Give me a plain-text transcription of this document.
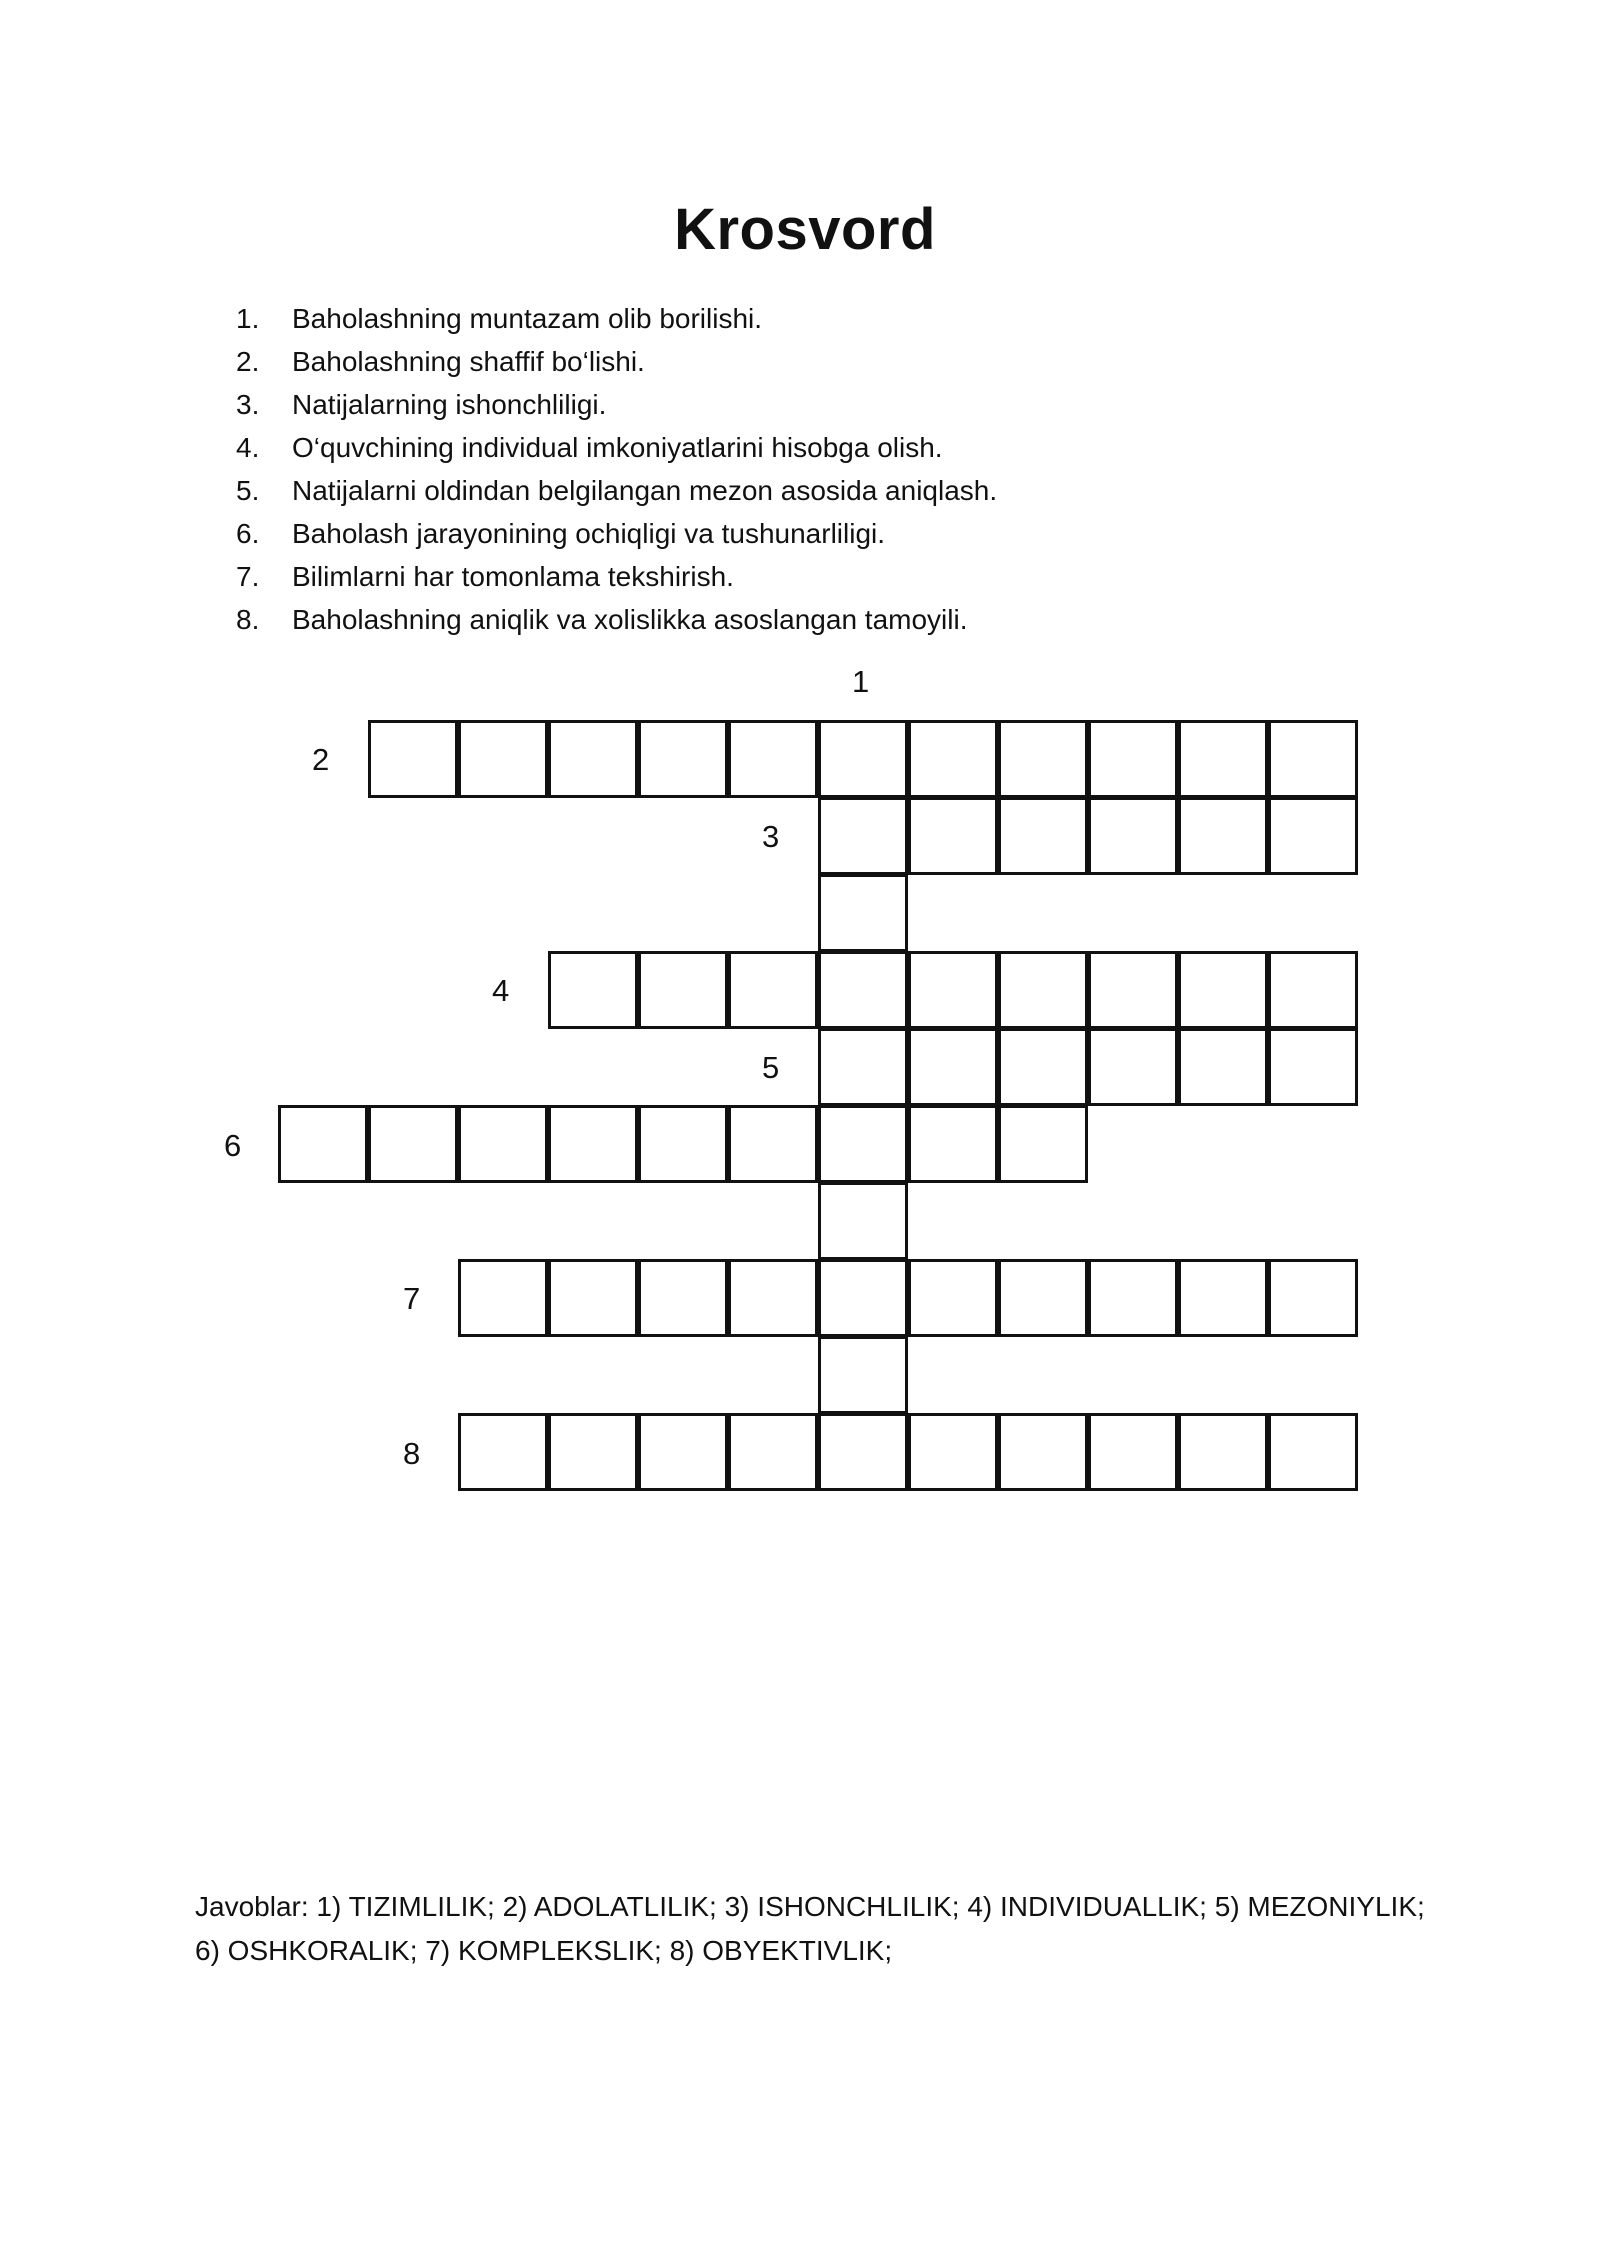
Krosvord
1. Baholashning muntazam olib borilishi.
2. Baholashning shaffif bo‘lishi.
3. Natijalarning ishonchliligi.
4. O‘quvchining individual imkoniyatlarini hisobga olish.
5. Natijalarni oldindan belgilangan mezon asosida aniqlash.
6. Baholash jarayonining ochiqligi va tushunarliligi.
7. Bilimlarni har tomonlama tekshirish.
8. Baholashning aniqlik va xolislikka asoslangan tamoyili.
1
2
3
4
5
6
7
8
Javoblar: 1) TIZIMLILIK; 2) ADOLATLILIK; 3) ISHONCHLILIK; 4) INDIVIDUALLIK; 5) MEZONIYLIK;
6) OSHKORALIK; 7) KOMPLEKSLIK; 8) OBYEKTIVLIK;
